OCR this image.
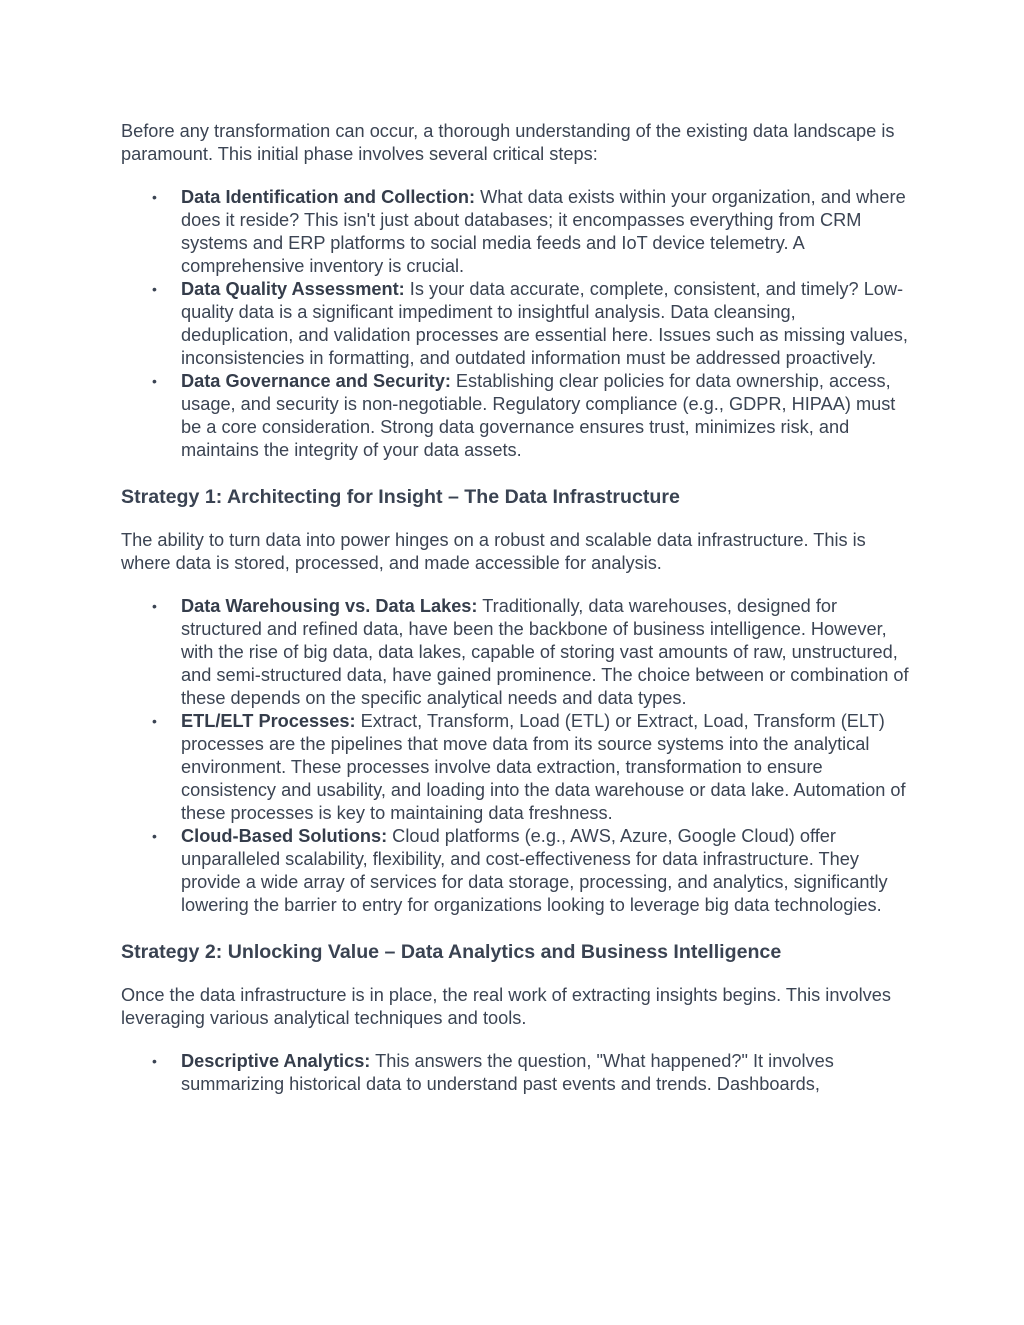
Before any transformation can occur, a thorough understanding of the existing data landscape is paramount. This initial phase involves several critical steps:

• Data Identification and Collection: What data exists within your organization, and where does it reside? This isn't just about databases; it encompasses everything from CRM systems and ERP platforms to social media feeds and IoT device telemetry. A comprehensive inventory is crucial.
• Data Quality Assessment: Is your data accurate, complete, consistent, and timely? Low-quality data is a significant impediment to insightful analysis. Data cleansing, deduplication, and validation processes are essential here. Issues such as missing values, inconsistencies in formatting, and outdated information must be addressed proactively.
• Data Governance and Security: Establishing clear policies for data ownership, access, usage, and security is non-negotiable. Regulatory compliance (e.g., GDPR, HIPAA) must be a core consideration. Strong data governance ensures trust, minimizes risk, and maintains the integrity of your data assets.
Strategy 1: Architecting for Insight – The Data Infrastructure

The ability to turn data into power hinges on a robust and scalable data infrastructure. This is where data is stored, processed, and made accessible for analysis.

• Data Warehousing vs. Data Lakes: Traditionally, data warehouses, designed for structured and refined data, have been the backbone of business intelligence. However, with the rise of big data, data lakes, capable of storing vast amounts of raw, unstructured, and semi-structured data, have gained prominence. The choice between or combination of these depends on the specific analytical needs and data types.
• ETL/ELT Processes: Extract, Transform, Load (ETL) or Extract, Load, Transform (ELT) processes are the pipelines that move data from its source systems into the analytical environment. These processes involve data extraction, transformation to ensure consistency and usability, and loading into the data warehouse or data lake. Automation of these processes is key to maintaining data freshness.
• Cloud-Based Solutions: Cloud platforms (e.g., AWS, Azure, Google Cloud) offer unparalleled scalability, flexibility, and cost-effectiveness for data infrastructure. They provide a wide array of services for data storage, processing, and analytics, significantly lowering the barrier to entry for organizations looking to leverage big data technologies.
Strategy 2: Unlocking Value – Data Analytics and Business Intelligence

Once the data infrastructure is in place, the real work of extracting insights begins. This involves leveraging various analytical techniques and tools.

• Descriptive Analytics: This answers the question, "What happened?" It involves summarizing historical data to understand past events and trends. Dashboards,
